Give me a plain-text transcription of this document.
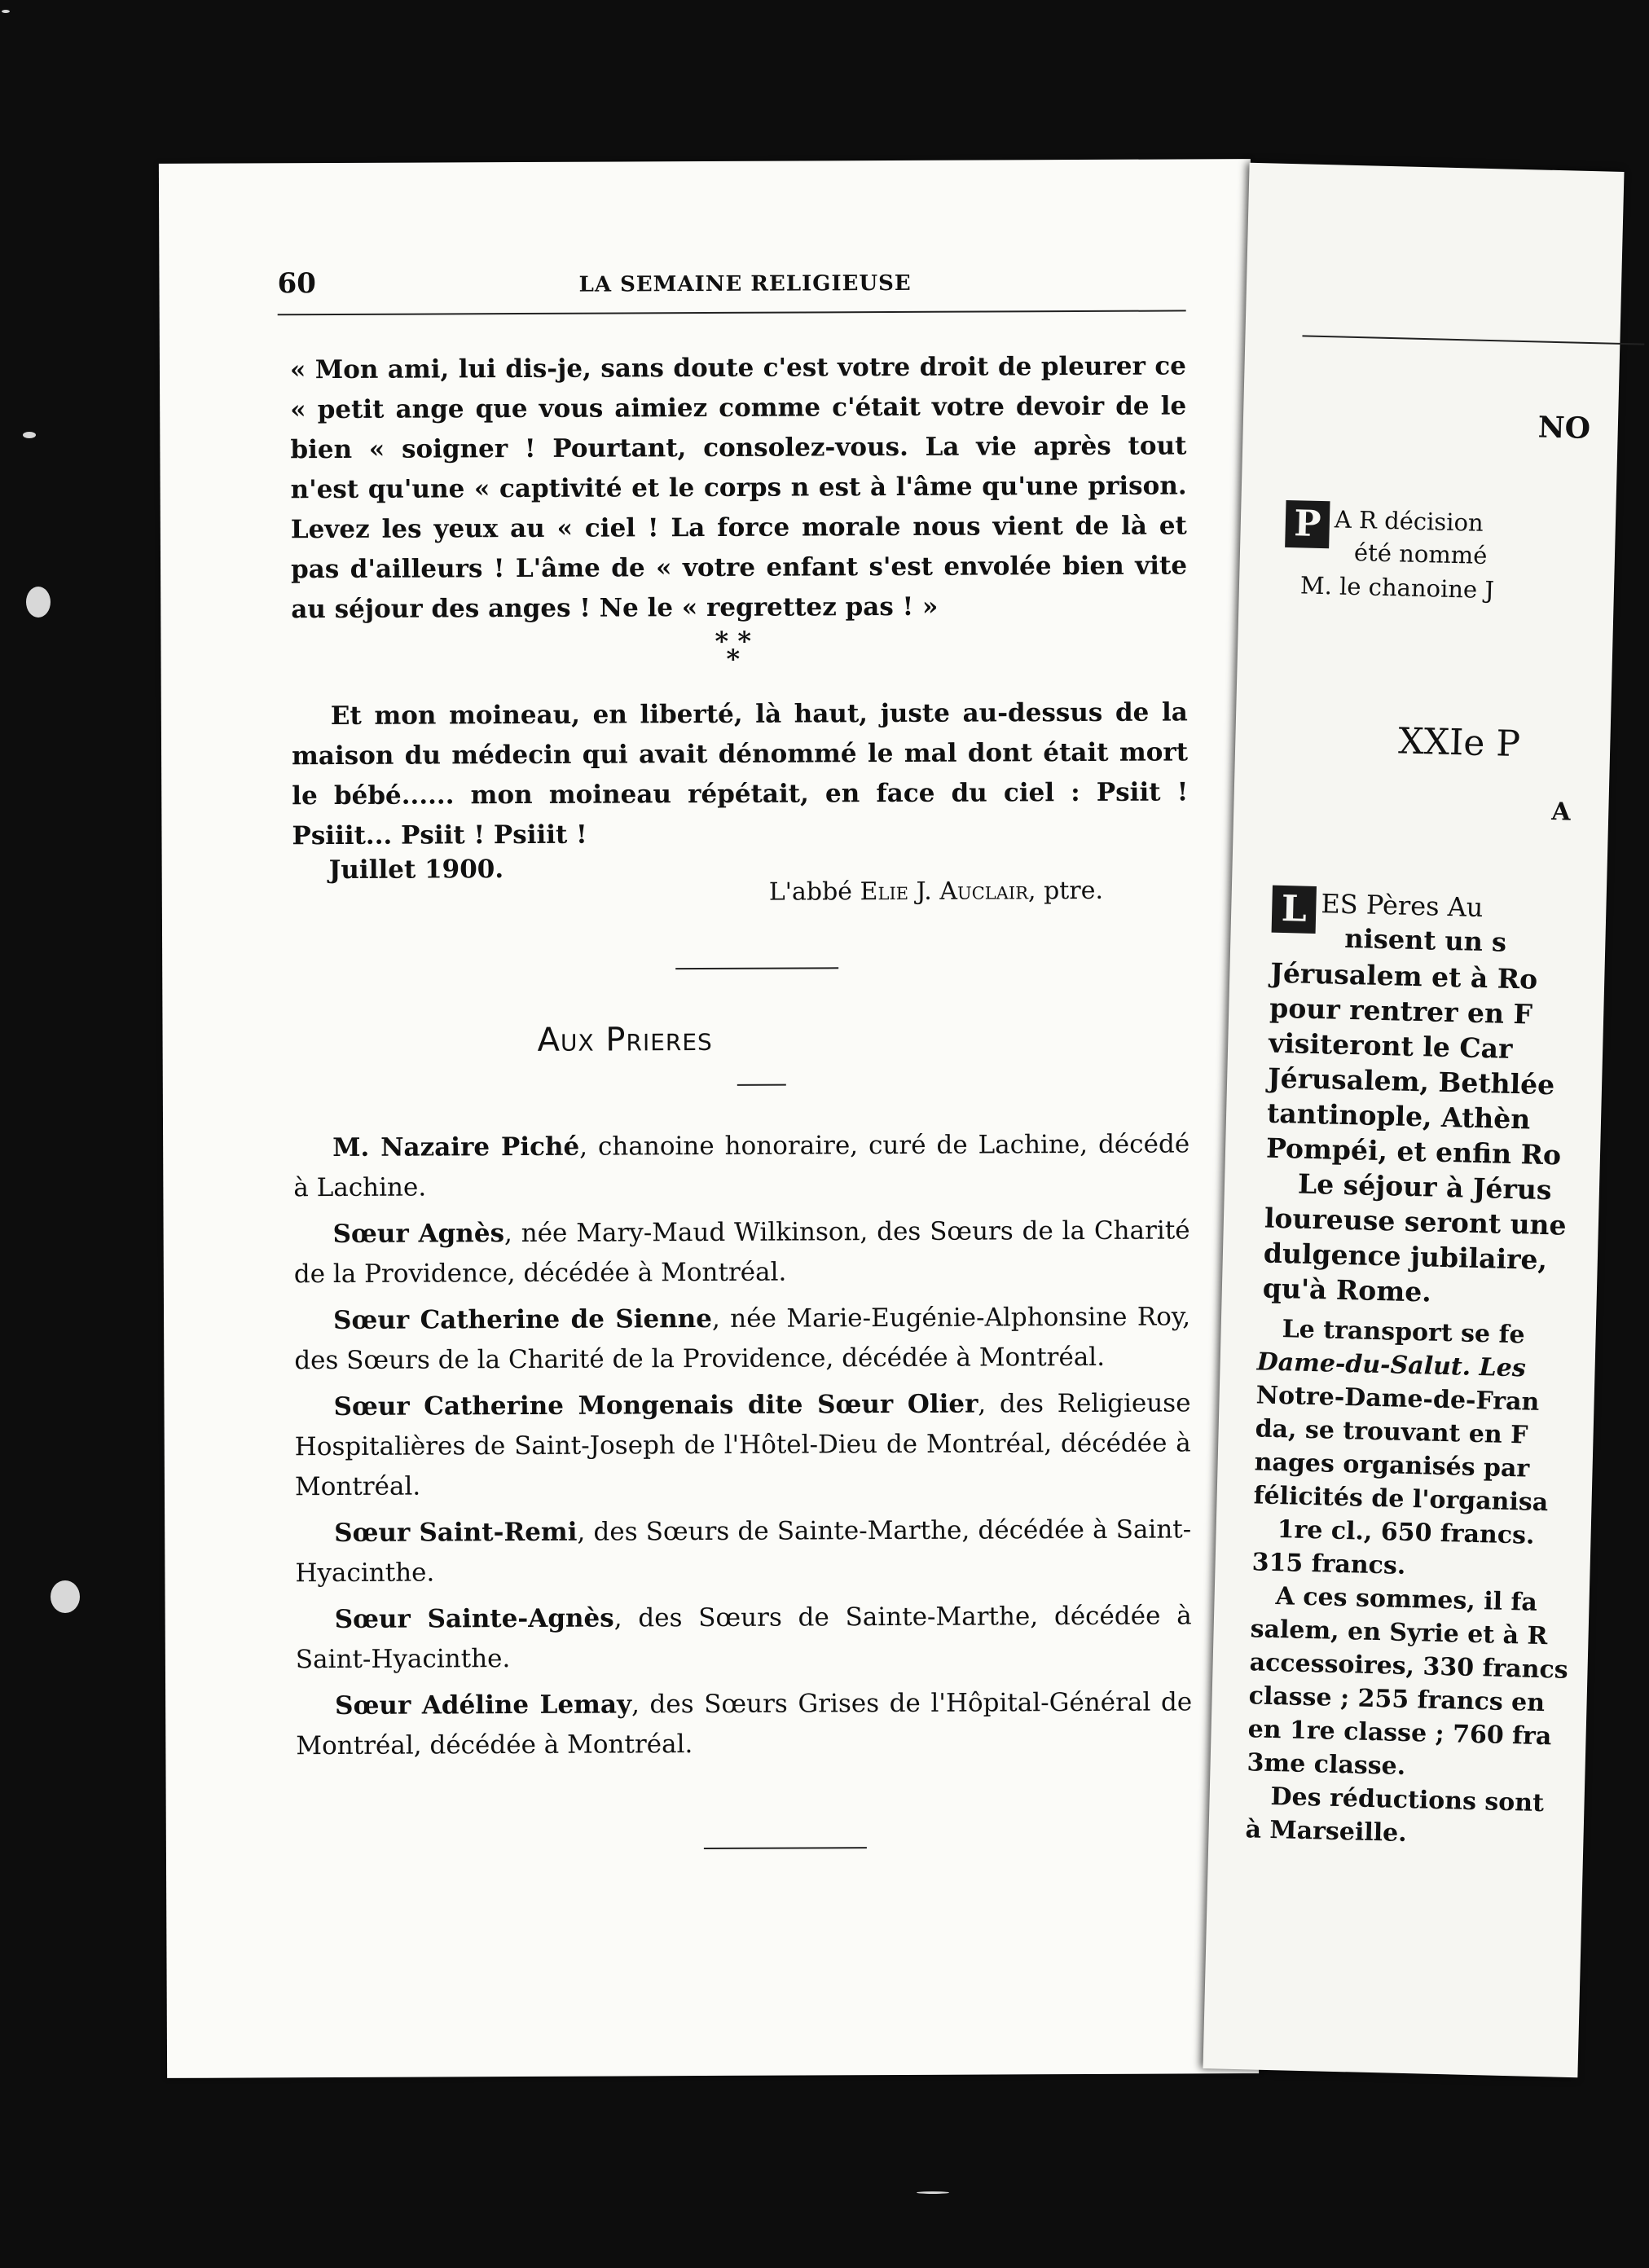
60	LA SEMAINE RELIGIEUSE

« Mon ami, lui dis-je, sans doute c'est votre droit de pleurer ce « petit ange que vous aimiez comme c'était votre devoir de le bien « soigner ! Pourtant, consolez-vous. La vie après tout n'est qu'une « captivité et le corps n est à l'âme qu'une prison. Levez les yeux au « ciel ! La force morale nous vient de là et pas d'ailleurs ! L'âme de « votre enfant s'est envolée bien vite au séjour des anges ! Ne le « regrettez pas ! »

* *
*

Et mon moineau, en liberté, là haut, juste au-dessus de la maison du médecin qui avait dénommé le mal dont était mort le bébé...... mon moineau répétait, en face du ciel : Psiit ! Psiiit... Psiit ! Psiiit !

Juillet 1900.
L'abbé Elie J. Auclair, ptre.
Aux Prieres

M. Nazaire Piché, chanoine honoraire, curé de Lachine, décédé à Lachine.

Sœur Agnès, née Mary-Maud Wilkinson, des Sœurs de la Charité de la Providence, décédée à Montréal.

Sœur Catherine de Sienne, née Marie-Eugénie-Alphonsine Roy, des Sœurs de la Charité de la Providence, décédée à Montréal.

Sœur Catherine Mongenais dite Sœur Olier, des Religieuse Hospitalières de Saint-Joseph de l'Hôtel-Dieu de Montréal, décédée à Montréal.

Sœur Saint-Remi, des Sœurs de Sainte-Marthe, décédée à Saint-Hyacinthe.

Sœur Sainte-Agnès, des Sœurs de Sainte-Marthe, décédée à Saint-Hyacinthe.

Sœur Adéline Lemay, des Sœurs Grises de l'Hôpital-Général de Montréal, décédée à Montréal.

NO
P A R décision
été nommé
M. le chanoine J
XXIe P
A
L ES Pères Au
nisent un s
Jérusalem et à Ro
pour rentrer en F
visiteront le Car
Jérusalem, Bethlée
tantinople, Athèn
Pompéi, et enfin Ro
Le séjour à Jérus
loureuse seront une
dulgence jubilaire,
qu'à Rome.
Le transport se fe
Dame-du-Salut. Les
Notre-Dame-de-Fran
da, se trouvant en F
nages organisés par
félicités de l'organisa
1re cl., 650 francs.
315 francs.
A ces sommes, il fa
salem, en Syrie et à R
accessoires, 330 francs
classe ; 255 francs en
en 1re classe ; 760 fra
3me classe.
Des réductions sont
à Marseille.
